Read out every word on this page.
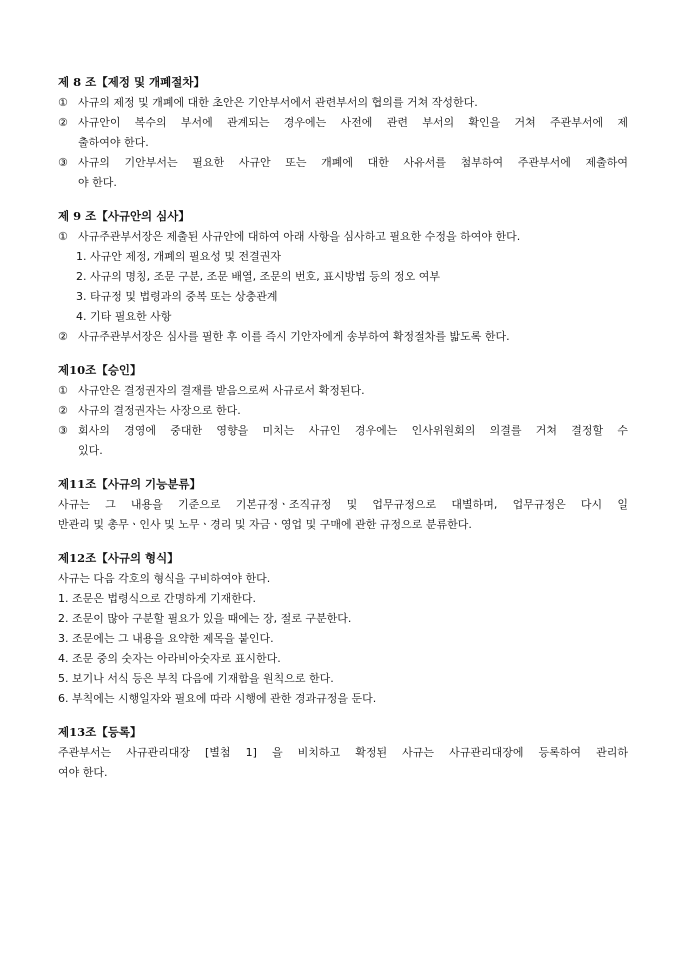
제 8 조【제정 및 개폐절차】
① 사규의 제정 및 개폐에 대한 초안은 기안부서에서 관련부서의 협의를 거쳐 작성한다.
② 사규안이 복수의 부서에 관계되는 경우에는 사전에 관련 부서의 확인을 거쳐 주관부서에 제
출하여야 한다.
③ 사규의 기안부서는 필요한 사규안 또는 개폐에 대한 사유서를 첨부하여 주관부서에 제출하여
야 한다.
제 9 조【사규안의 심사】
① 사규주관부서장은 제출된 사규안에 대하여 아래 사항을 심사하고 필요한 수정을 하여야 한다.
1. 사규안 제정, 개폐의 필요성 및 전결권자
2. 사규의 명칭, 조문 구분, 조문 배열, 조문의 번호, 표시방법 등의 정오 여부
3. 타규정 및 법령과의 중복 또는 상충관계
4. 기타 필요한 사항
② 사규주관부서장은 심사를 필한 후 이를 즉시 기안자에게 송부하여 확정절차를 밟도록 한다.
제10조【승인】
① 사규안은 결정권자의 결재를 받음으로써 사규로서 확정된다.
② 사규의 결정권자는 사장으로 한다.
③ 회사의 경영에 중대한 영향을 미치는 사규인 경우에는 인사위원회의 의결를 거쳐 결정할 수
있다.
제11조【사규의 기능분류】
사규는 그 내용을 기준으로 기본규정ㆍ조직규정 및 업무규정으로 대별하며, 업무규정은 다시 일
반관리 및 총무ㆍ인사 및 노무ㆍ경리 및 자금ㆍ영업 및 구매에 관한 규정으로 분류한다.
제12조【사규의 형식】
사규는 다음 각호의 형식을 구비하여야 한다.
1. 조문은 법령식으로 간명하게 기재한다.
2. 조문이 많아 구분할 필요가 있을 때에는 장, 절로 구분한다.
3. 조문에는 그 내용을 요약한 제목을 붙인다.
4. 조문 중의 숫자는 아라비아숫자로 표시한다.
5. 보기나 서식 등은 부칙 다음에 기재함을 원칙으로 한다.
6. 부칙에는 시행일자와 필요에 따라 시행에 관한 경과규정을 둔다.
제13조【등록】
주관부서는 사규관리대장 [별첨 1] 을 비치하고 확정된 사규는 사규관리대장에 등록하여 관리하
여야 한다.
